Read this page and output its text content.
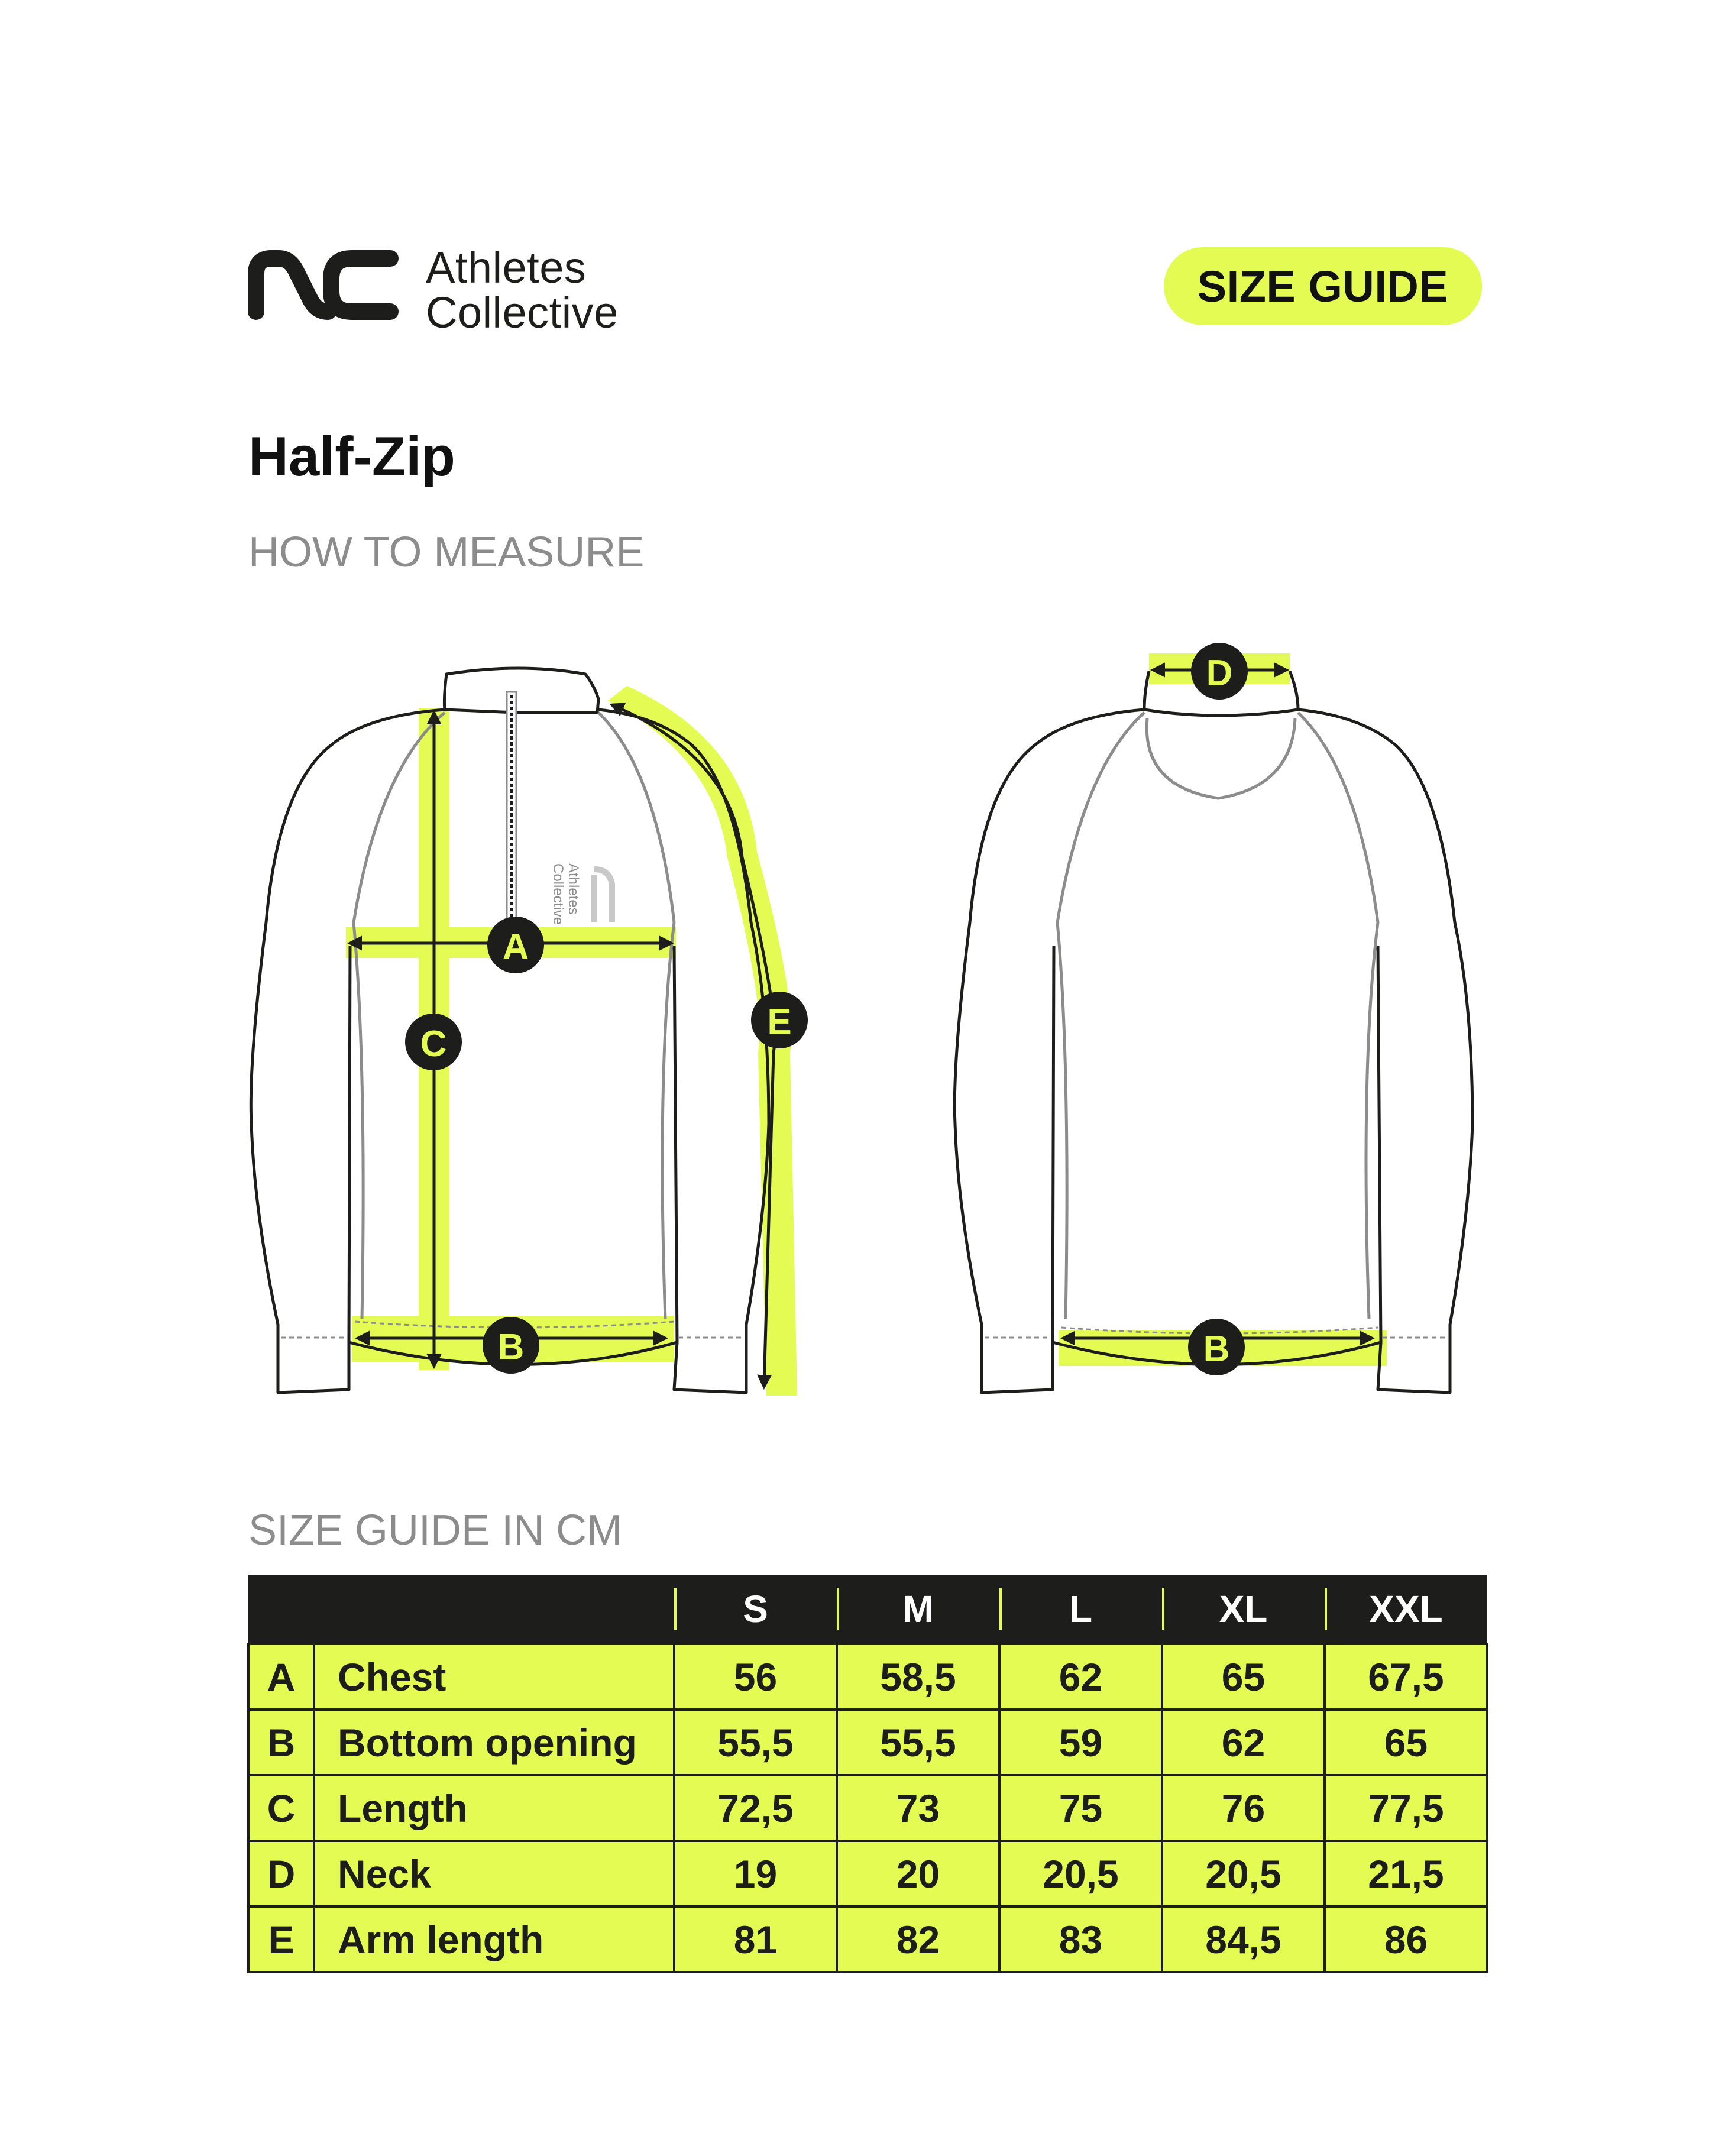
Athletes
Collective
SIZE GUIDE
Half-Zip
HOW TO MEASURE
Athletes Collective
A
B
C
E
D
B
SIZE GUIDE IN CM
		S	M	L	XL	XXL
A	Chest	56	58,5	62	65	67,5
B	Bottom opening	55,5	55,5	59	62	65
C	Length	72,5	73	75	76	77,5
D	Neck	19	20	20,5	20,5	21,5
E	Arm length	81	82	83	84,5	86
